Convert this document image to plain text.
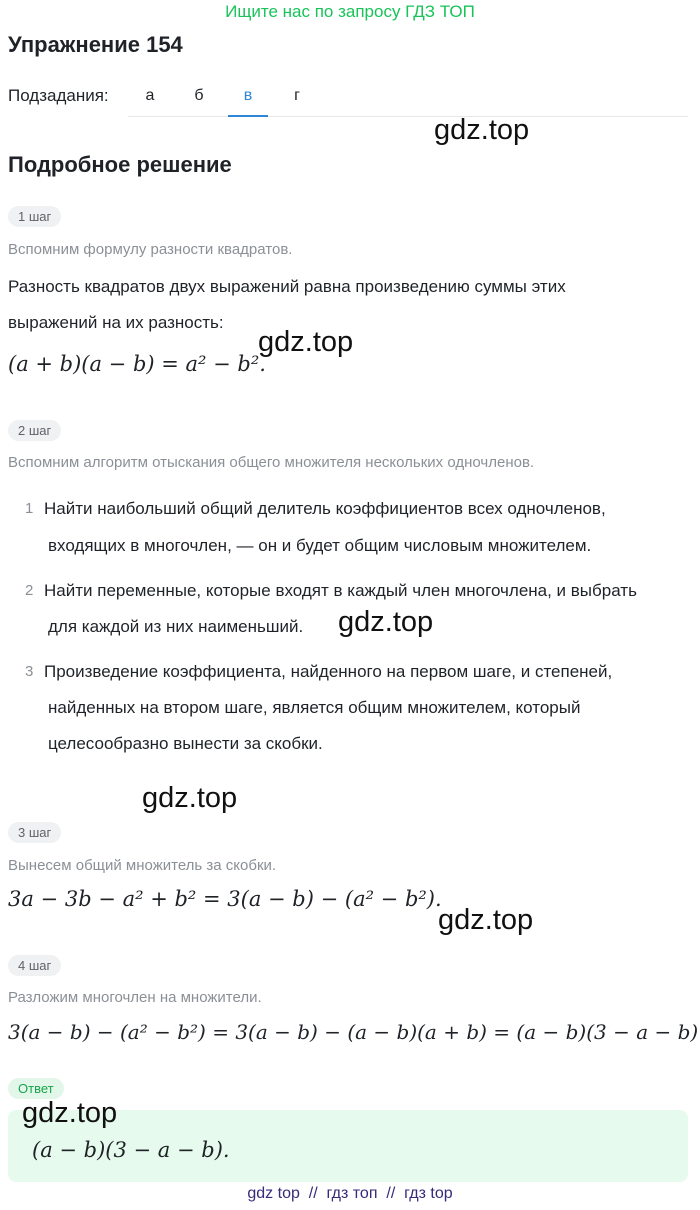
Ищите нас по запросу ГДЗ ТОП
Упражнение 154
Подзадания:	а	б	в	г
gdz.top
Подробное решение
1 шаг
Вспомним формулу разности квадратов.
Разность квадратов двух выражений равна произведению суммы этих
выражений на их разность:
(a + b)(a − b) = a² − b².
gdz.top
2 шаг
Вспомним алгоритм отыскания общего множителя нескольких одночленов.
1 Найти наибольший общий делитель коэффициентов всех одночленов,
входящих в многочлен, — он и будет общим числовым множителем.
2 Найти переменные, которые входят в каждый член многочлена, и выбрать
для каждой из них наименьший. gdz.top
3 Произведение коэффициента, найденного на первом шаге, и степеней,
найденных на втором шаге, является общим множителем, который
целесообразно вынести за скобки.
gdz.top
3 шаг
Вынесем общий множитель за скобки.
3a − 3b − a² + b² = 3(a − b) − (a² − b²).
gdz.top
4 шаг
Разложим многочлен на множители.
3(a − b) − (a² − b²) = 3(a − b) − (a − b)(a + b) = (a − b)(3 − a − b)
Ответ
(a − b)(3 − a − b).
gdz.top
gdz top  //  гдз топ  //  гдз top
